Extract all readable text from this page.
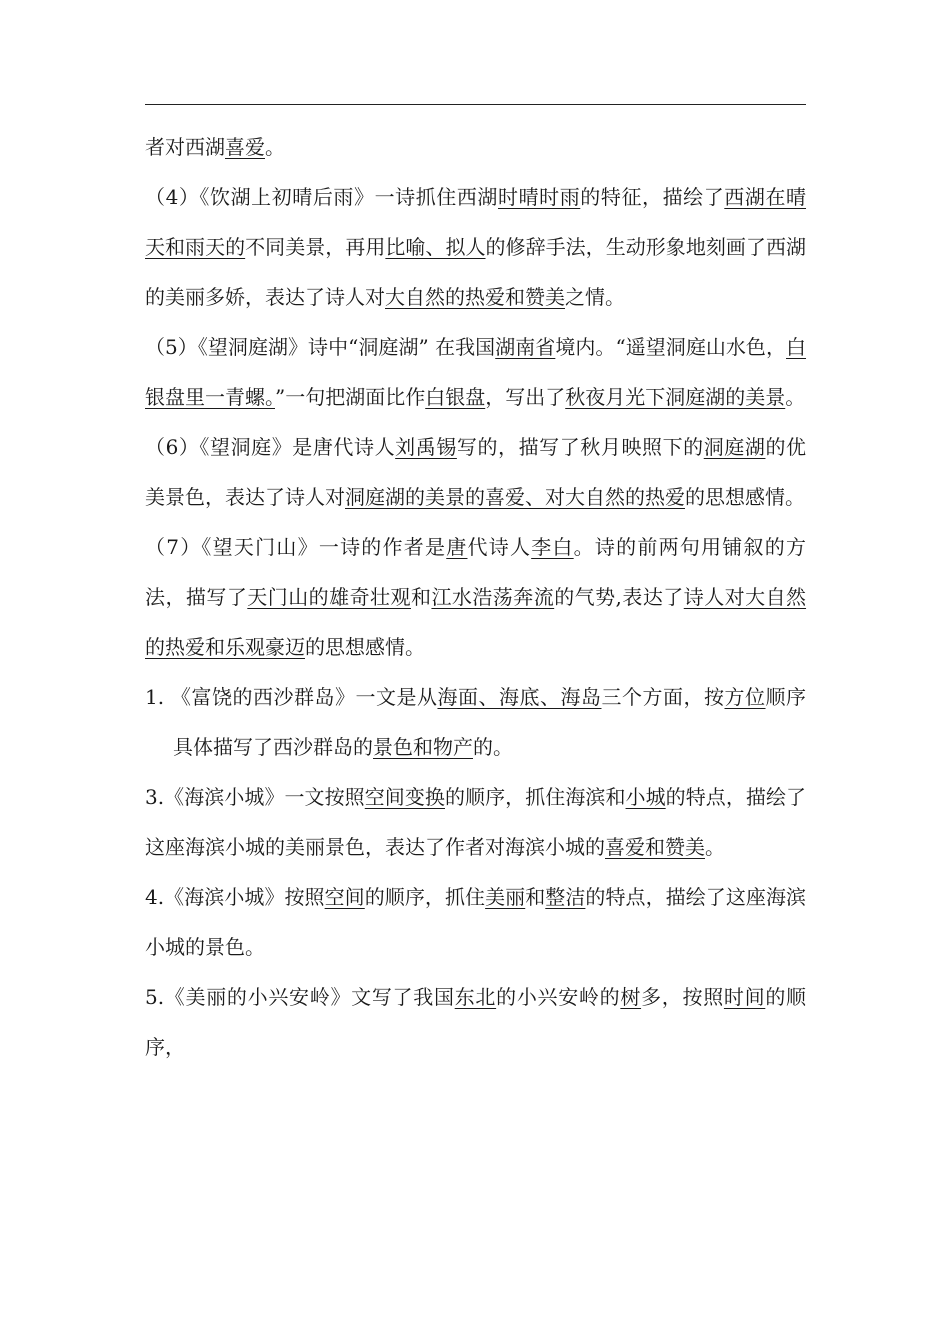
者对西湖喜爱。

（4）《饮湖上初晴后雨》一诗抓住西湖时晴时雨的特征，描绘了西湖在晴天和雨天的不同美景，再用比喻、拟人的修辞手法，生动形象地刻画了西湖的美丽多娇，表达了诗人对大自然的热爱和赞美之情。

（5）《望洞庭湖》诗中“洞庭湖” 在我国湖南省境内。“遥望洞庭山水色，白银盘里一青螺。”一句把湖面比作白银盘，写出了秋夜月光下洞庭湖的美景。

（6）《望洞庭》是唐代诗人刘禹锡写的，描写了秋月映照下的洞庭湖的优美景色，表达了诗人对洞庭湖的美景的喜爱、对大自然的热爱的思想感情。

（7）《望天门山》一诗的作者是唐代诗人李白。诗的前两句用铺叙的方法，描写了天门山的雄奇壮观和江水浩荡奔流的气势,表达了诗人对大自然的热爱和乐观豪迈的思想感情。

1. 《富饶的西沙群岛》一文是从海面、海底、海岛三个方面，按方位顺序具体描写了西沙群岛的景色和物产的。

3.《海滨小城》一文按照空间变换的顺序，抓住海滨和小城的特点，描绘了这座海滨小城的美丽景色，表达了作者对海滨小城的喜爱和赞美。

4.《海滨小城》按照空间的顺序，抓住美丽和整洁的特点，描绘了这座海滨小城的景色。

5.《美丽的小兴安岭》文写了我国东北的小兴安岭的树多，按照时间的顺序，
